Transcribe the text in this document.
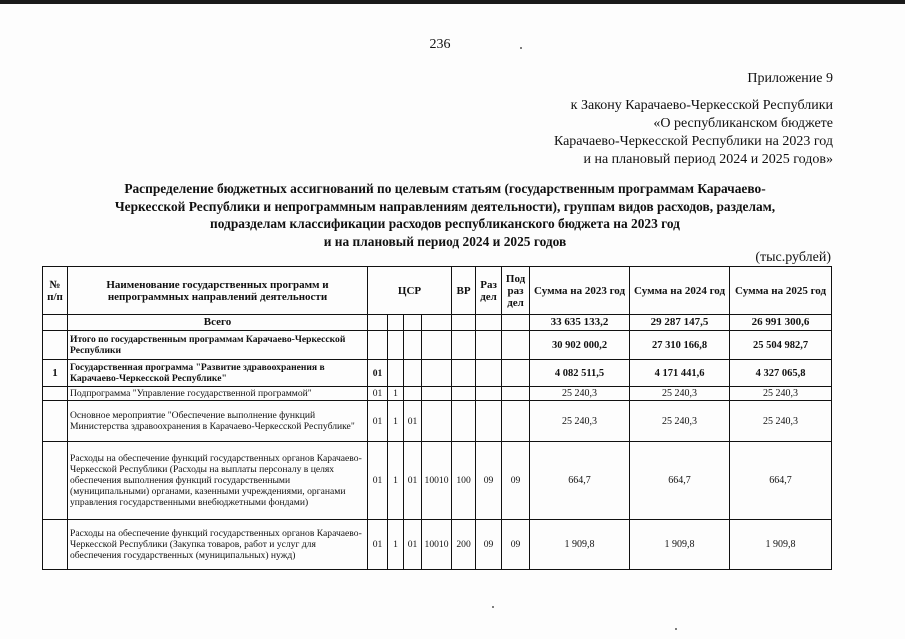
236
Приложение 9
к Закону Карачаево-Черкесской Республики
«О республиканском бюджете
Карачаево-Черкесской Республики на 2023 год
и на плановый период 2024 и 2025 годов»
Распределение бюджетных ассигнований по целевым статьям (государственным программам Карачаево-
Черкесской Республики и непрограммным направлениям деятельности), группам видов расходов, разделам,
подразделам классификации расходов республиканского бюджета на 2023 год
и на плановый период 2024 и 2025 годов
(тыс.рублей)
№ п/п	Наименование государственных программ и непрограммных направлений деятельности	ЦСР				ВР	Раз дел	Под раз дел	Сумма на 2023 год	Сумма на 2024 год	Сумма на 2025 год
	Всего								33 635 133,2	29 287 147,5	26 991 300,6
	Итого по государственным программам Карачаево-Черкесской Республики								30 902 000,2	27 310 166,8	25 504 982,7
1	Государственная программа "Развитие здравоохранения в Карачаево-Черкесской Республике"	01							4 082 511,5	4 171 441,6	4 327 065,8
	Подпрограмма "Управление государственной программой"	01	1						25 240,3	25 240,3	25 240,3
	Основное мероприятие "Обеспечение выполнение функций Министерства здравоохранения в Карачаево-Черкесской Республике"	01	1	01					25 240,3	25 240,3	25 240,3
	Расходы на обеспечение функций государственных органов Карачаево-Черкесской Республики (Расходы на выплаты персоналу в целях обеспечения выполнения функций государственными (муниципальными) органами, казенными учреждениями, органами управления государственными внебюджетными фондами)	01	1	01	10010	100	09	09	664,7	664,7	664,7
	Расходы на обеспечение функций государственных органов Карачаево-Черкесской Республики (Закупка товаров, работ и услуг для обеспечения государственных (муниципальных) нужд)	01	1	01	10010	200	09	09	1 909,8	1 909,8	1 909,8
